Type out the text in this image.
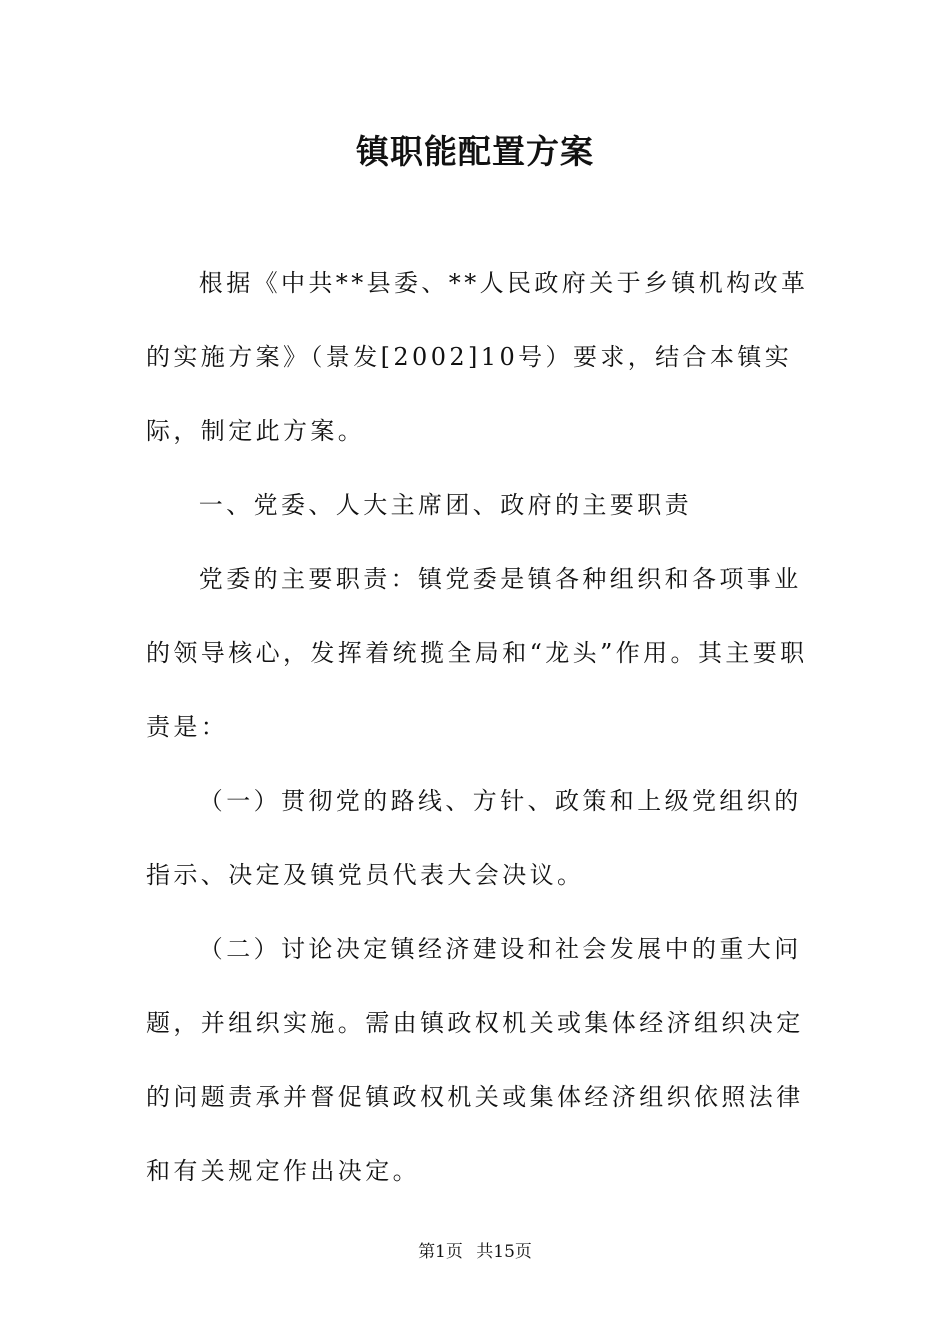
镇职能配置方案

根据《中共**县委、**人民政府关于乡镇机构改革的实施方案》（景发[2002]10号）要求，结合本镇实际，制定此方案。

一、党委、人大主席团、政府的主要职责

党委的主要职责：镇党委是镇各种组织和各项事业的领导核心，发挥着统揽全局和“龙头”作用。其主要职责是：

（一）贯彻党的路线、方针、政策和上级党组织的指示、决定及镇党员代表大会决议。

（二）讨论决定镇经济建设和社会发展中的重大问题，并组织实施。需由镇政权机关或集体经济组织决定的问题责承并督促镇政权机关或集体经济组织依照法律和有关规定作出决定。

第1页 共15页
